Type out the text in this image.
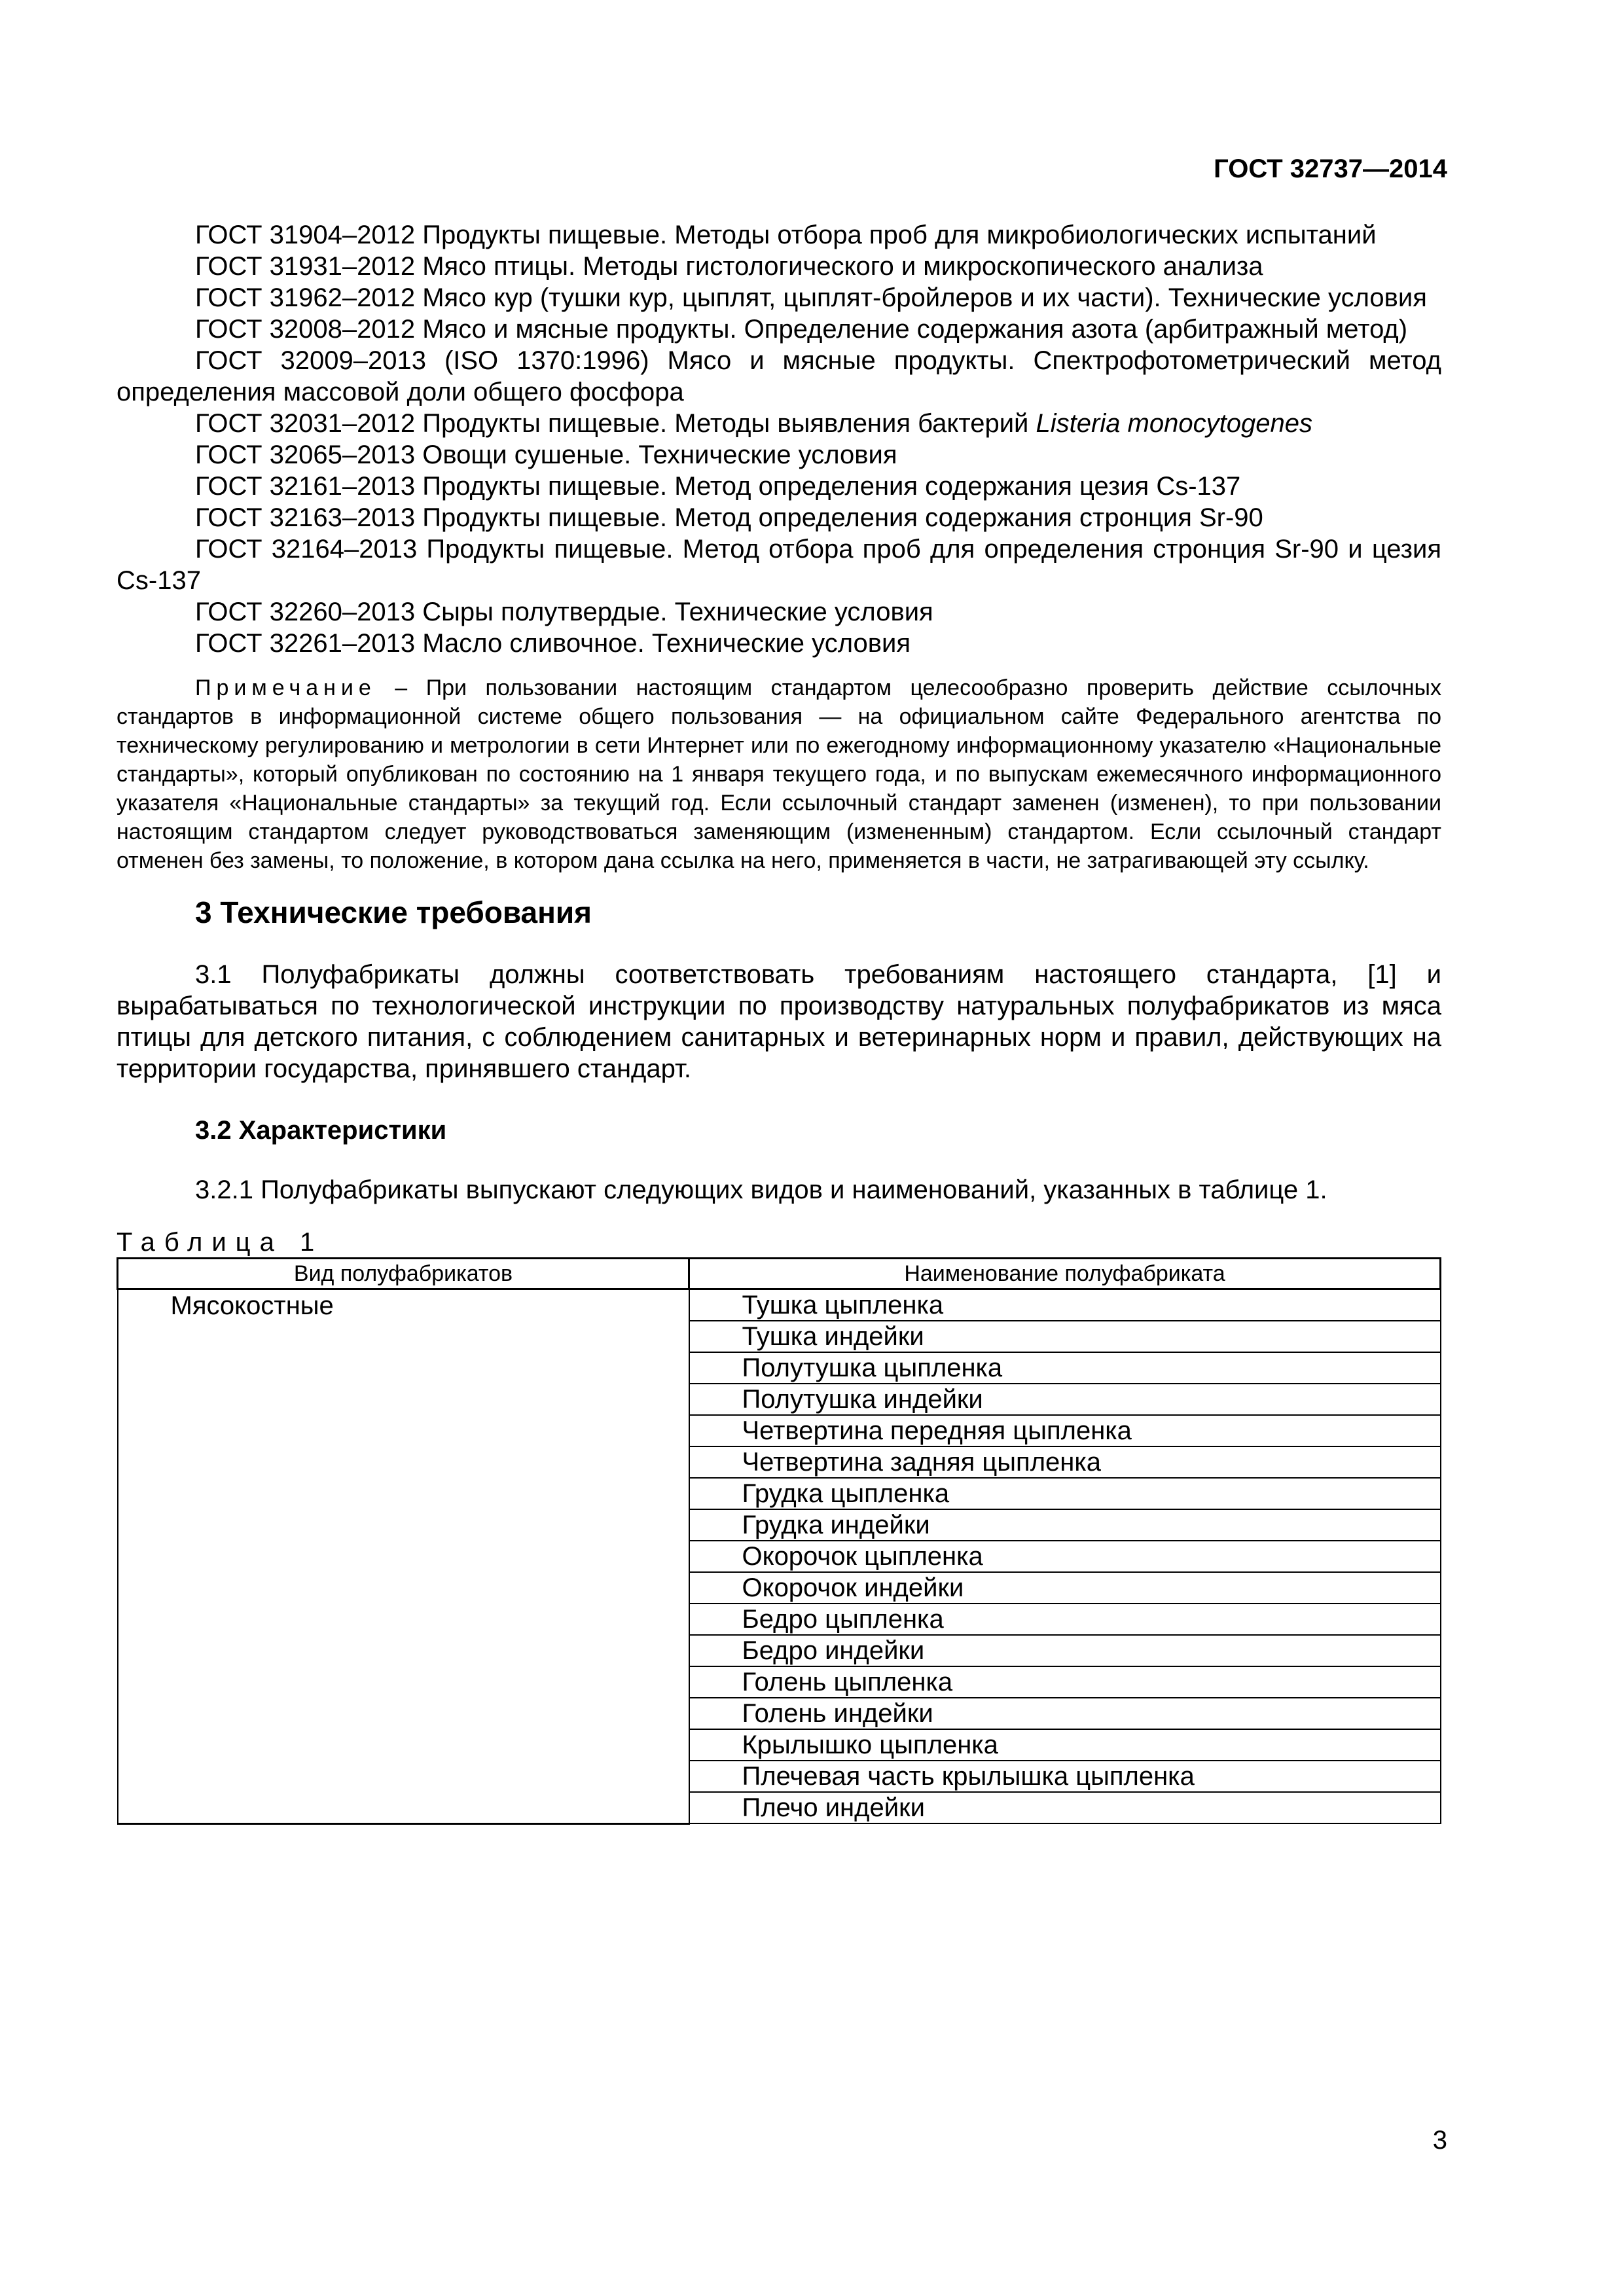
ГОСТ 32737—2014

ГОСТ 31904–2012 Продукты пищевые. Методы отбора проб для микробиологических испытаний

ГОСТ 31931–2012 Мясо птицы. Методы гистологического и микроскопического анализа

ГОСТ 31962–2012 Мясо кур (тушки кур, цыплят, цыплят-бройлеров и их части). Технические условия

ГОСТ 32008–2012 Мясо и мясные продукты. Определение содержания азота (арбитражный метод)

ГОСТ 32009–2013 (ISO 1370:1996) Мясо и мясные продукты. Спектрофотометрический метод определения массовой доли общего фосфора

ГОСТ 32031–2012 Продукты пищевые. Методы выявления бактерий Listeria monocytogenes

ГОСТ 32065–2013 Овощи сушеные. Технические условия

ГОСТ 32161–2013 Продукты пищевые. Метод определения содержания цезия Cs-137

ГОСТ 32163–2013 Продукты пищевые. Метод определения содержания стронция Sr-90

ГОСТ 32164–2013 Продукты пищевые. Метод отбора проб для определения стронция Sr-90 и цезия Cs-137

ГОСТ 32260–2013 Сыры полутвердые. Технические условия

ГОСТ 32261–2013 Масло сливочное. Технические условия

Примечание – При пользовании настоящим стандартом целесообразно проверить действие ссылочных стандартов в информационной системе общего пользования — на официальном сайте Федерального агентства по техническому регулированию и метрологии в сети Интернет или по ежегодному информационному указателю «Национальные стандарты», который опубликован по состоянию на 1 января текущего года, и по выпускам ежемесячного информационного указателя «Национальные стандарты» за текущий год. Если ссылочный стандарт заменен (изменен), то при пользовании настоящим стандартом следует руководствоваться заменяющим (измененным) стандартом. Если ссылочный стандарт отменен без замены, то положение, в котором дана ссылка на него, применяется в части, не затрагивающей эту ссылку.
3 Технические требования

3.1 Полуфабрикаты должны соответствовать требованиям настоящего стандарта, [1] и вырабатываться по технологической инструкции по производству натуральных полуфабрикатов из мяса птицы для детского питания, с соблюдением санитарных и ветеринарных норм и правил, действующих на территории государства, принявшего стандарт.

3.2 Характеристики

3.2.1 Полуфабрикаты выпускают следующих видов и наименований, указанных в таблице 1.

Таблица 1
Вид полуфабрикатов	Наименование полуфабриката

Мясокостные	Тушка цыпленка
	Тушка индейки
	Полутушка цыпленка
	Полутушка индейки
	Четвертина передняя цыпленка
	Четвертина задняя цыпленка
	Грудка цыпленка
	Грудка индейки
	Окорочок цыпленка
	Окорочок индейки
	Бедро цыпленка
	Бедро индейки
	Голень цыпленка
	Голень индейки
	Крылышко цыпленка
	Плечевая часть крылышка цыпленка
	Плечо индейки
3
